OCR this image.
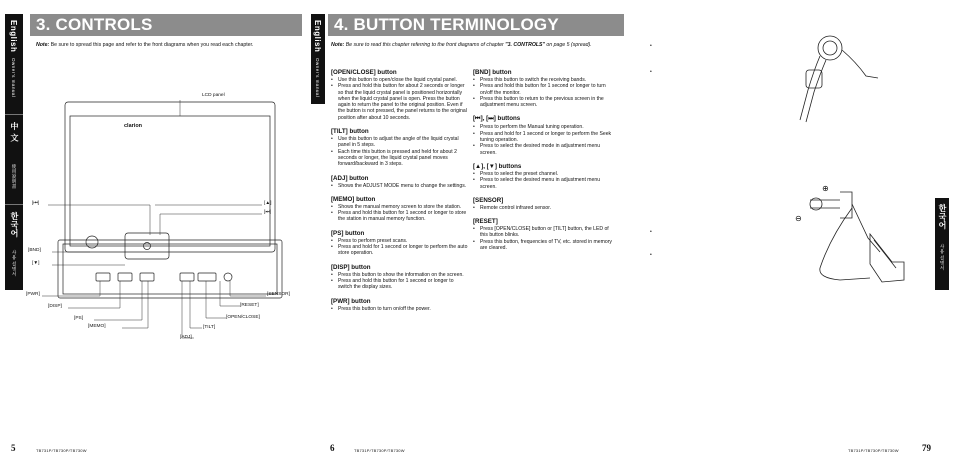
3. CONTROLS
English
Owner's manual
中 文
使用說明書
한국어
사용 설명서
Note: Be sure to spread this page and refer to the front diagrams when you read each chapter.
LCD panel
clarion
[⏮]	[▲]
[⏭]
[BND]
[▼]
[PWR]
[DISP]
[PS]
[MEMO]
[ADJ]
[TILT]
[OPEN/CLOSE]
[RESET]
[SENSOR]
5	TB731P/TB730P/TB730W
4. BUTTON TERMINOLOGY
English
Owner's manual
Note: Be sure to read this chapter referring to the front diagrams of chapter "3. CONTROLS" on page 5 (spread).
[OPEN/CLOSE] button
• Use this button to open/close the liquid crystal panel.
• Press and hold this button for about 2 seconds or longer so that the liquid crystal panel is positioned horizontally when the liquid crystal panel is open. Press the button again to return the panel to the original position. Even if the button is not pressed, the panel returns to the original position after about 10 seconds.
[TILT] button
• Use this button to adjust the angle of the liquid crystal panel in 5 steps.
• Each time this button is pressed and held for about 2 seconds or longer, the liquid crystal panel moves forward/backward in 3 steps.
[ADJ] button
• Shows the ADJUST MODE menu to change the settings.
[MEMO] button
• Shows the manual memory screen to store the station.
• Press and hold this button for 1 second or longer to store the station in manual memory function.
[PS] button
• Press to perform preset scans.
• Press and hold for 1 second or longer to perform the auto store operation.
[DISP] button
• Press this button to show the information on the screen.
• Press and hold this button for 1 second or longer to switch the display sizes.
[PWR] button
• Press this button to turn on/off the power.
[BND] button
• Press this button to switch the receiving bands.
• Press and hold this button for 1 second or longer to turn on/off the monitor.
• Press this button to return to the previous screen in the adjustment menu screen.
[⏮], [⏭] buttons
• Press to perform the Manual tuning operation.
• Press and hold for 1 second or longer to perform the Seek tuning operation.
• Press to select the desired mode in adjustment menu screen.
[▲], [▼] buttons
• Press to select the preset channel.
• Press to select the desired menu in adjustment menu screen.
[SENSOR]
• Remote control infrared sensor.
[RESET]
• Press [OPEN/CLOSE] button or [TILT] button, the LED of this button blinks.
• Press this button, frequencies of TV, etc. stored in memory are cleared.
6	TB731P/TB730P/TB730W
•
•
•
•
⊕
⊖	한국어
사용 설명서
TB731P/TB730P/TB730W	79
